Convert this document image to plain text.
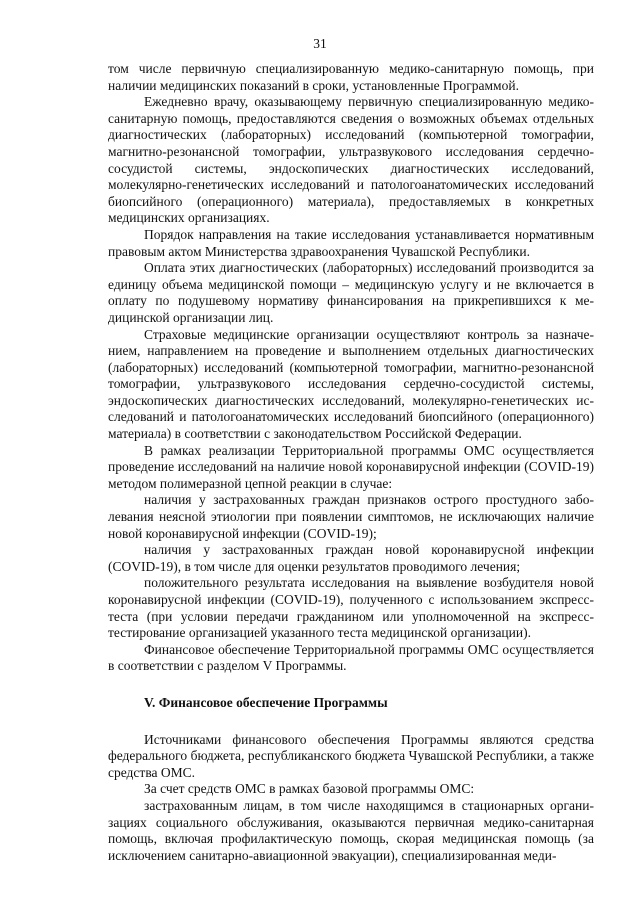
31

том числе первичную специализированную медико-санитарную помощь, при наличии медицинских показаний в сроки, установленные Программой.

Ежедневно врачу, оказывающему первичную специализированную медико-санитарную помощь, предоставляются сведения о возможных объемах отдельных диагностических (лабораторных) исследований (компьютерной томографии, магнитно-резонансной томографии, ультразвукового исследования сердечно-сосудистой системы, эндоскопических диагностических исследований, молекулярно-генетических исследований и патологоанатомических исследований биопсийного (операционного) материала), предоставляемых в конкретных медицинских организациях.

Порядок направления на такие исследования устанавливается нормативным правовым актом Министерства здравоохранения Чувашской Республики.

Оплата этих диагностических (лабораторных) исследований производится за единицу объема медицинской помощи – медицинскую услугу и не включается в оплату по подушевому нормативу финансирования на прикрепившихся к медицинской организации лиц.

Страховые медицинские организации осуществляют контроль за назначением, направлением на проведение и выполнением отдельных диагностических (лабораторных) исследований (компьютерной томографии, магнитно-резонансной томографии, ультразвукового исследования сердечно-сосудистой системы, эндоскопических диагностических исследований, молекулярно-генетических исследований и патологоанатомических исследований биопсийного (операционного) материала) в соответствии с законодательством Российской Федерации.

В рамках реализации Территориальной программы ОМС осуществляется проведение исследований на наличие новой коронавирусной инфекции (COVID-19) методом полимеразной цепной реакции в случае:

наличия у застрахованных граждан признаков острого простудного заболевания неясной этиологии при появлении симптомов, не исключающих наличие новой коронавирусной инфекции (COVID-19);

наличия у застрахованных граждан новой коронавирусной инфекции (COVID-19), в том числе для оценки результатов проводимого лечения;

положительного результата исследования на выявление возбудителя новой коронавирусной инфекции (COVID-19), полученного с использованием экспресс-теста (при условии передачи гражданином или уполномоченной на экспресс-тестирование организацией указанного теста медицинской организации).

Финансовое обеспечение Территориальной программы ОМС осуществляется в соответствии с разделом V Программы.

V. Финансовое обеспечение Программы

Источниками финансового обеспечения Программы являются средства федерального бюджета, республиканского бюджета Чувашской Республики, а также средства ОМС.

За счет средств ОМС в рамках базовой программы ОМС:

застрахованным лицам, в том числе находящимся в стационарных организациях социального обслуживания, оказываются первичная медико-санитарная помощь, включая профилактическую помощь, скорая медицинская помощь (за исключением санитарно-авиационной эвакуации), специализированная меди-
